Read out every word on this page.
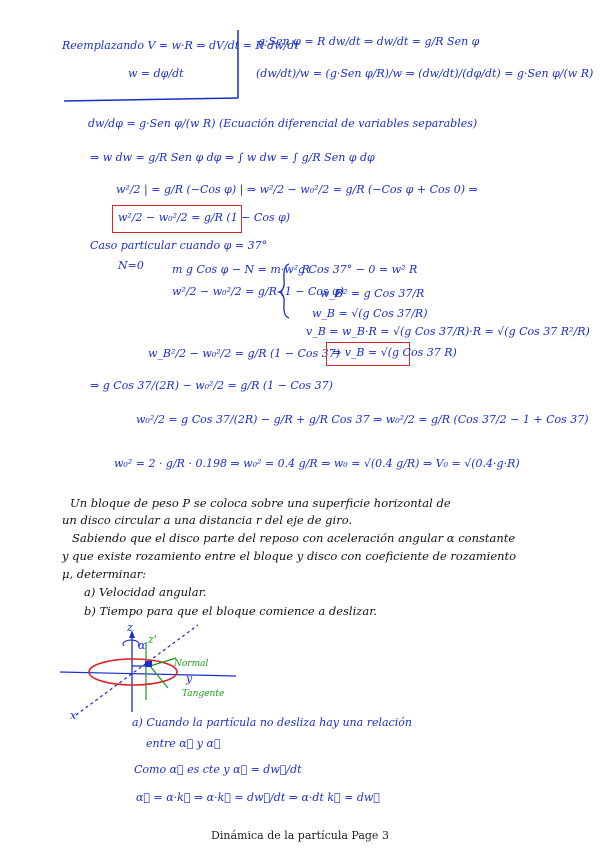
Reemplazando V = w·R ⇒ dV/dt = R·dw/dt
g·Sen φ = R dw/dt ⇒ dw/dt = g/R Sen φ
w = dφ/dt	(dw/dt)/w = (g·Sen φ/R)/w ⇒ (dw/dt)/(dφ/dt) = g·Sen φ/(w R)
dw/dφ = g·Sen φ/(w R) (Ecuación diferencial de variables separables)
⇒ w dw = g/R Sen φ dφ ⇒ ∫ w dw = ∫ g/R Sen φ dφ
w²/2 | = g/R (−Cos φ) | ⇒ w²/2 − w₀²/2 = g/R (−Cos φ + Cos 0) ⇒
w²/2 − w₀²/2 = g/R (1 − Cos φ)
Caso particular cuando φ = 37°
N=0	m g Cos φ − N = m·w² R
g Cos 37° − 0 = w² R
w²/2 − w₀²/2 = g/R (1 − Cos φ)
w_B² = g Cos 37/R
w_B = √(g Cos 37/R)
v_B = w_B·R = √(g Cos 37/R)·R = √(g Cos 37 R²/R)
w_B²/2 − w₀²/2 = g/R (1 − Cos 37)
⇒ v_B = √(g Cos 37 R)
⇒ g Cos 37/(2R) − w₀²/2 = g/R (1 − Cos 37)
w₀²/2 = g Cos 37/(2R) − g/R + g/R Cos 37 ⇒ w₀²/2 = g/R (Cos 37/2 − 1 + Cos 37)
w₀² = 2 · g/R · 0.198 ⇒ w₀² = 0.4 g/R ⇒ w₀ = √(0.4 g/R) ⇒ V₀ = √(0.4·g·R)
Un bloque de peso P se coloca sobre una superficie horizontal de
un disco circular a una distancia r del eje de giro.
Sabiendo que el disco parte del reposo con aceleración angular α constante
y que existe rozamiento entre el bloque y disco con coeficiente de rozamiento
μ, determinar:
a) Velocidad angular.
b) Tiempo para que el bloque comience a deslizar.
z
α z'
Normal
y
Tangente
x
a) Cuando la partícula no desliza hay una relación
entre α⃗ y α⃗
Como α⃗ es cte y α⃗ = dw⃗/dt
α⃗ = α·k⃗ ⇒ α·k⃗ = dw⃗/dt ⇒ α·dt k⃗ = dw⃗
Dinámica de la partícula Page 3
